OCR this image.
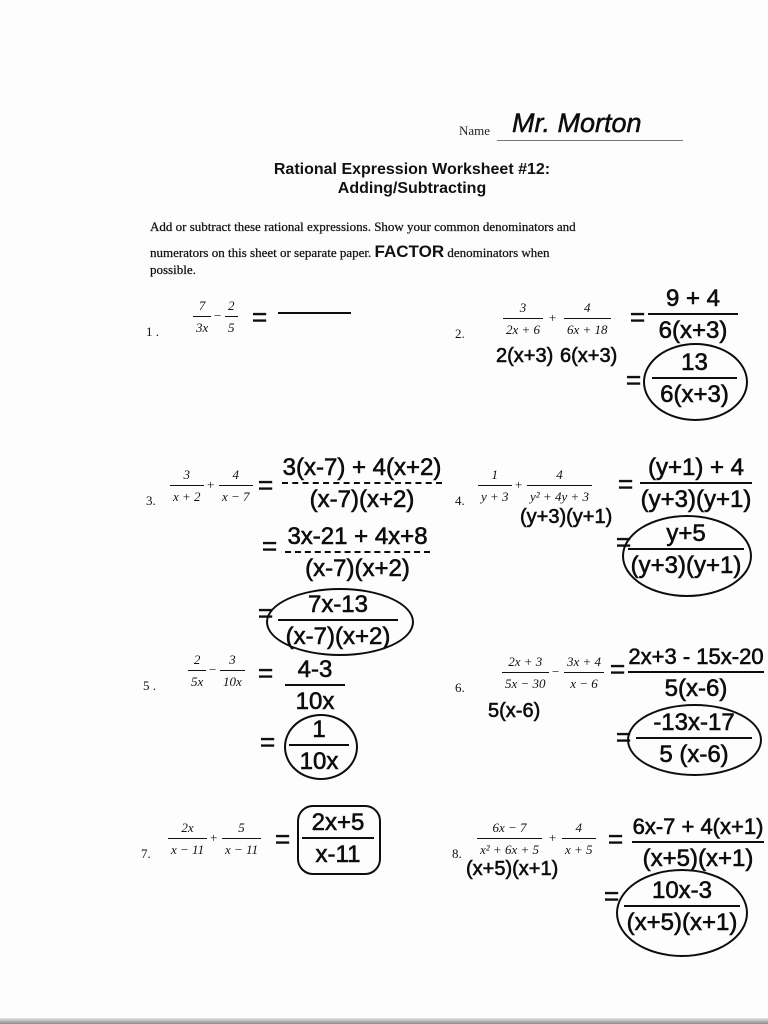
Name Mr. Morton
Rational Expression Worksheet #12:
Adding/Subtracting
Add or subtract these rational expressions. Show your common denominators and
numerators on this sheet or separate paper. FACTOR denominators when
possible.
1 .
7
3x
−
2
5 =
2.
3
2x + 6
+
4
6x + 18 =
9 + 4
6(x+3)
2(x+3) 6(x+3)
=
13
6(x+3)
3.
3
x + 2
+
4
x − 7 =
3(x-7) + 4(x+2)
(x-7)(x+2)
= 3x-21 + 4x+8
(x-7)(x+2)
= 7x-13
(x-7)(x+2)
4.
1
y + 3
+
4
y² + 4y + 3 =
(y+1) + 4
(y+3)(y+1)
(y+3)(y+1)
= y+5
(y+3)(y+1)
5 .
2
5x
−
3
10x = 4-3
10x
= 1
10x
6.
2x + 3
5x − 30
−
3x + 4
x − 6 = 2x+3 - 15x-20
5(x-6)
5(x-6)
= -13x-17
5 (x-6)
7.
2x
x − 11
+
5
x − 11 =
2x+5
x-11	8.
6x − 7
x² + 6x + 5
+
4
x + 5 = 6x-7 + 4(x+1)
(x+5)(x+1)
(x+5)(x+1)
= 10x-3
(x+5)(x+1)
